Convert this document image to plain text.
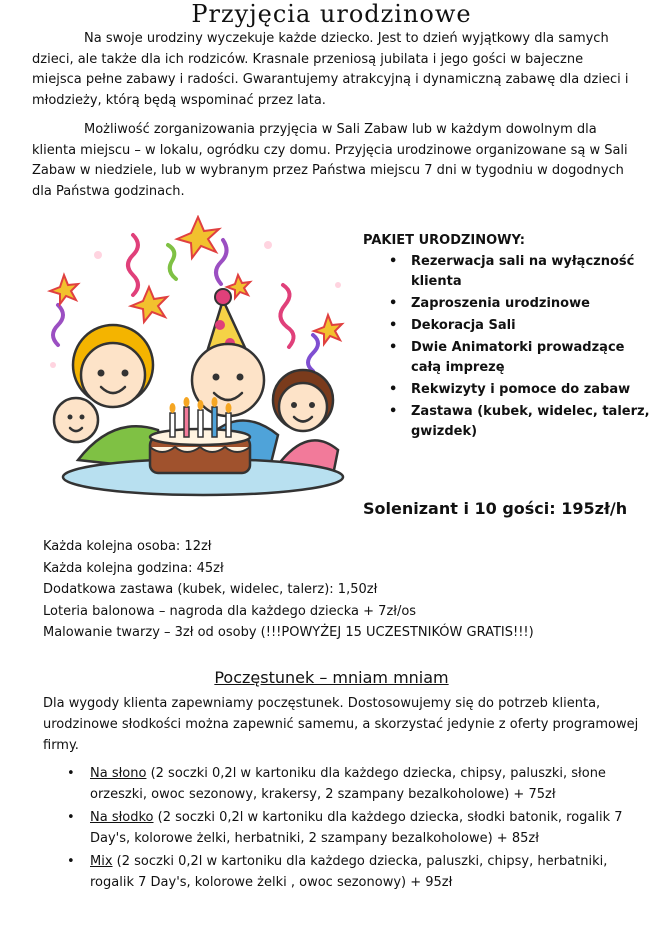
Przyjęcia urodzinowe

Na swoje urodziny wyczekuje każde dziecko. Jest to dzień wyjątkowy dla samych dzieci, ale także dla ich rodziców. Krasnale przeniosą jubilata i jego gości w bajeczne miejsca pełne zabawy i radości. Gwarantujemy atrakcyjną i dynamiczną zabawę dla dzieci i młodzieży, którą będą wspominać przez lata.

Możliwość zorganizowania przyjęcia w Sali Zabaw lub w każdym dowolnym dla klienta miejscu – w lokalu, ogródku czy domu. Przyjęcia urodzinowe organizowane są w Sali Zabaw w niedziele, lub w wybranym przez Państwa miejscu 7 dni w tygodniu w dogodnych dla Państwa godzinach.

PAKIET URODZINOWY:

• Rezerwacja sali na wyłączność klienta
• Zaproszenia urodzinowe
• Dekoracja Sali
• Dwie Animatorki prowadzące całą imprezę
• Rekwizyty i pomoce do zabaw
• Zastawa (kubek, widelec, talerz, gwizdek)
Solenizant i 10 gości: 195zł/h
Każda kolejna osoba: 12zł
Każda kolejna godzina: 45zł
Dodatkowa zastawa (kubek, widelec, talerz): 1,50zł
Loteria balonowa – nagroda dla każdego dziecka + 7zł/os
Malowanie twarzy – 3zł od osoby (!!!POWYŻEJ 15 UCZESTNIKÓW GRATIS!!!)
Poczęstunek – mniam mniam

Dla wygody klienta zapewniamy poczęstunek. Dostosowujemy się do potrzeb klienta, urodzinowe słodkości można zapewnić samemu, a skorzystać jedynie z oferty programowej firmy.

• Na słono (2 soczki 0,2l w kartoniku dla każdego dziecka, chipsy, paluszki, słone orzeszki, owoc sezonowy, krakersy, 2 szampany bezalkoholowe) + 75zł
• Na słodko (2 soczki 0,2l w kartoniku dla każdego dziecka, słodki batonik, rogalik 7 Day's, kolorowe żelki, herbatniki, 2 szampany bezalkoholowe) + 85zł
• Mix (2 soczki 0,2l w kartoniku dla każdego dziecka, paluszki, chipsy, herbatniki, rogalik 7 Day's, kolorowe żelki , owoc sezonowy) + 95zł
